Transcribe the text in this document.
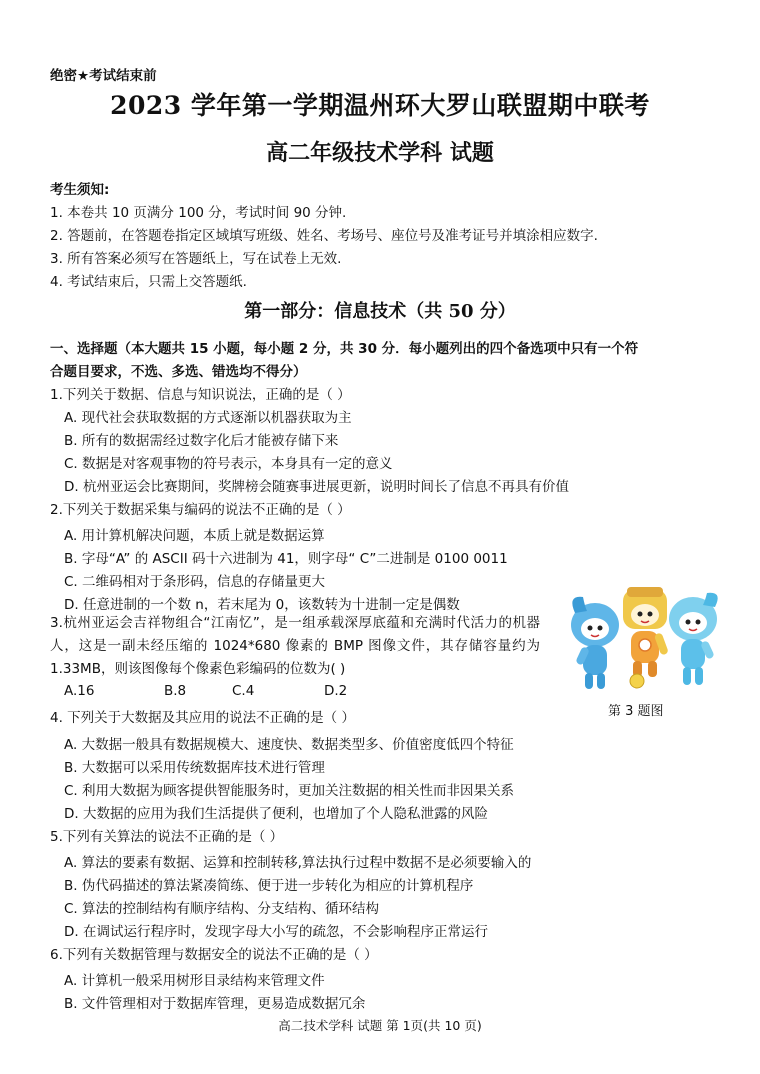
绝密★考试结束前
2023 学年第一学期温州环大罗山联盟期中联考
高二年级技术学科 试题
考生须知:
1. 本卷共 10 页满分 100 分，考试时间 90 分钟.
2. 答题前，在答题卷指定区域填写班级、姓名、考场号、座位号及准考证号并填涂相应数字.
3. 所有答案必须写在答题纸上，写在试卷上无效.
4. 考试结束后，只需上交答题纸.
第一部分：信息技术（共 50 分）
一、选择题（本大题共 15 小题，每小题 2 分，共 30 分．每小题列出的四个备选项中只有一个符
合题目要求，不选、多选、错选均不得分）
1.下列关于数据、信息与知识说法，正确的是（ ）
A. 现代社会获取数据的方式逐渐以机器获取为主
B. 所有的数据需经过数字化后才能被存储下来
C. 数据是对客观事物的符号表示，本身具有一定的意义
D. 杭州亚运会比赛期间，奖牌榜会随赛事进展更新，说明时间长了信息不再具有价值
2.下列关于数据采集与编码的说法不正确的是（ ）
A. 用计算机解决问题，本质上就是数据运算
B. 字母“A” 的 ASCII 码十六进制为 41，则字母“ C”二进制是 0100 0011
C. 二维码相对于条形码，信息的存储量更大
D. 任意进制的一个数 n，若末尾为 0，该数转为十进制一定是偶数
3.杭州亚运会吉祥物组合“江南忆”，是一组承载深厚底蕴和充满时代活力的机器人，这是一副未经压缩的 1024*680 像素的 BMP 图像文件，其存储容量约为 1.33MB，则该图像每个像素色彩编码的位数为( )
A.16	B.8	C.4	D.2
第 3 题图
4. 下列关于大数据及其应用的说法不正确的是（ ）
A. 大数据一般具有数据规模大、速度快、数据类型多、价值密度低四个特征
B. 大数据可以采用传统数据库技术进行管理
C. 利用大数据为顾客提供智能服务时，更加关注数据的相关性而非因果关系
D. 大数据的应用为我们生活提供了便利，也增加了个人隐私泄露的风险
5.下列有关算法的说法不正确的是（ ）
A. 算法的要素有数据、运算和控制转移,算法执行过程中数据不是必须要输入的
B. 伪代码描述的算法紧凑简练、便于进一步转化为相应的计算机程序
C. 算法的控制结构有顺序结构、分支结构、循环结构
D. 在调试运行程序时，发现字母大小写的疏忽，不会影响程序正常运行
6.下列有关数据管理与数据安全的说法不正确的是（ ）
A. 计算机一般采用树形目录结构来管理文件
B. 文件管理相对于数据库管理，更易造成数据冗余
高二技术学科 试题 第 1页(共 10 页)
